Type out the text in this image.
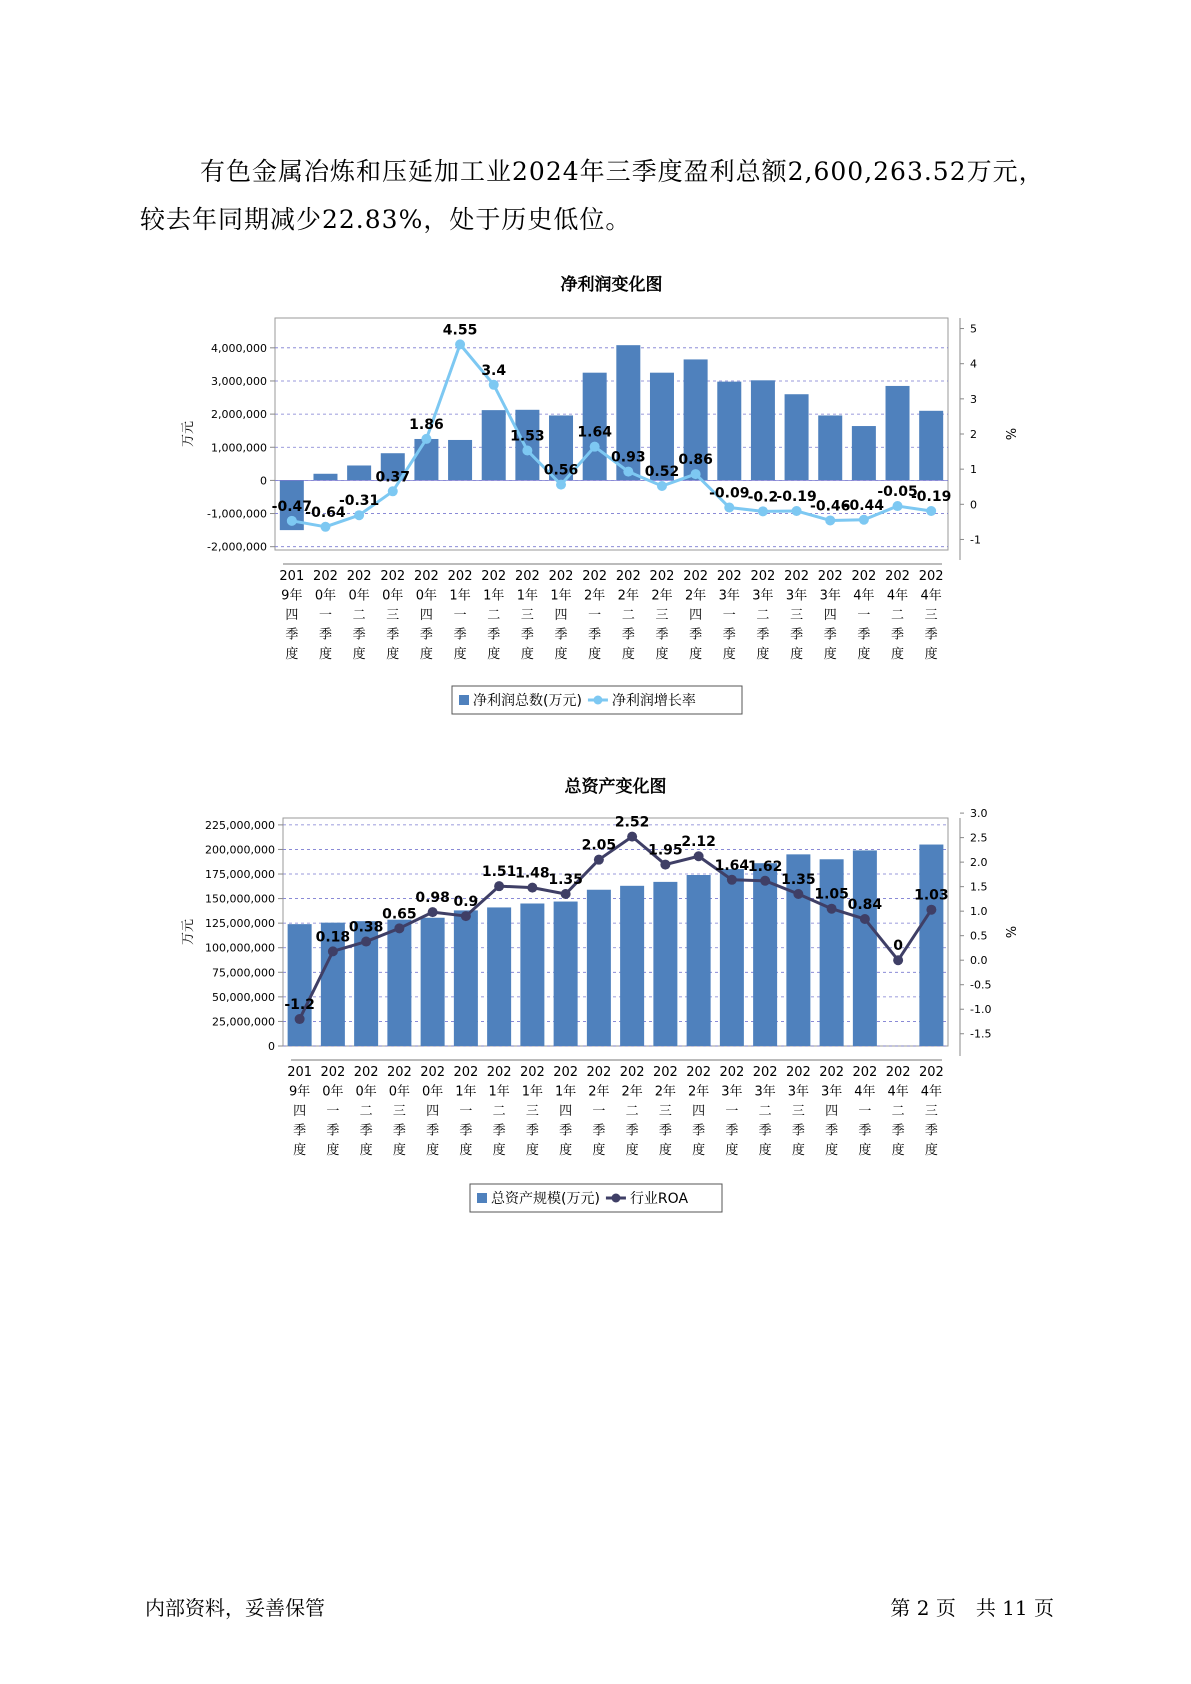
有色金属冶炼和压延加工业2024年三季度盈利总额2,600,263.52万元，较去年同期减少22.83%，处于历史低位。

净利润变化图
-2,000,000
-1,000,000
0
1,000,000
2,000,000
3,000,000
4,000,000
-1
0
1
2
3
4
5
万元	%
-0.47
-0.64
-0.31
0.37
1.86
4.55
3.4
1.53
0.56
1.64
0.93
0.52
0.86
-0.09
-0.2
-0.19
-0.46
-0.44
-0.05
-0.19
201
9年
四
季
度
202
0年
一
季
度
202
0年
二
季
度
202
0年
三
季
度
202
0年
四
季
度
202
1年
一
季
度
202
1年
二
季
度
202
1年
三
季
度
202
1年
四
季
度
202
2年
一
季
度
202
2年
二
季
度
202
2年
三
季
度
202
2年
四
季
度
202
3年
一
季
度
202
3年
二
季
度
202
3年
三
季
度
202
3年
四
季
度
202
4年
一
季
度
202
4年
二
季
度
202
4年
三
季
度
净利润总数(万元) 净利润增长率
总资产变化图
0
25,000,000
50,000,000
75,000,000
100,000,000
125,000,000
150,000,000
175,000,000
200,000,000
225,000,000
-1.5
-1.0
-0.5
0.0
0.5
1.0
1.5
2.0
2.5
3.0
万元	%
-1.2
0.18
0.38
0.65
0.98 0.9
1.51
1.48
1.35
2.05
2.52
1.95
2.12
1.64
1.62
1.35
1.05
0.84
0
1.03
201
9年
四
季
度
202
0年
一
季
度
202
0年
二
季
度
202
0年
三
季
度
202
0年
四
季
度
202
1年
一
季
度
202
1年
二
季
度
202
1年
三
季
度
202
1年
四
季
度
202
2年
一
季
度
202
2年
二
季
度
202
2年
三
季
度
202
2年
四
季
度
202
3年
一
季
度
202
3年
二
季
度
202
3年
三
季
度
202
3年
四
季
度
202
4年
一
季
度
202
4年
二
季
度
202
4年
三
季
度
总资产规模(万元) 行业ROA
内部资料，妥善保管	第 2 页　共 11 页
